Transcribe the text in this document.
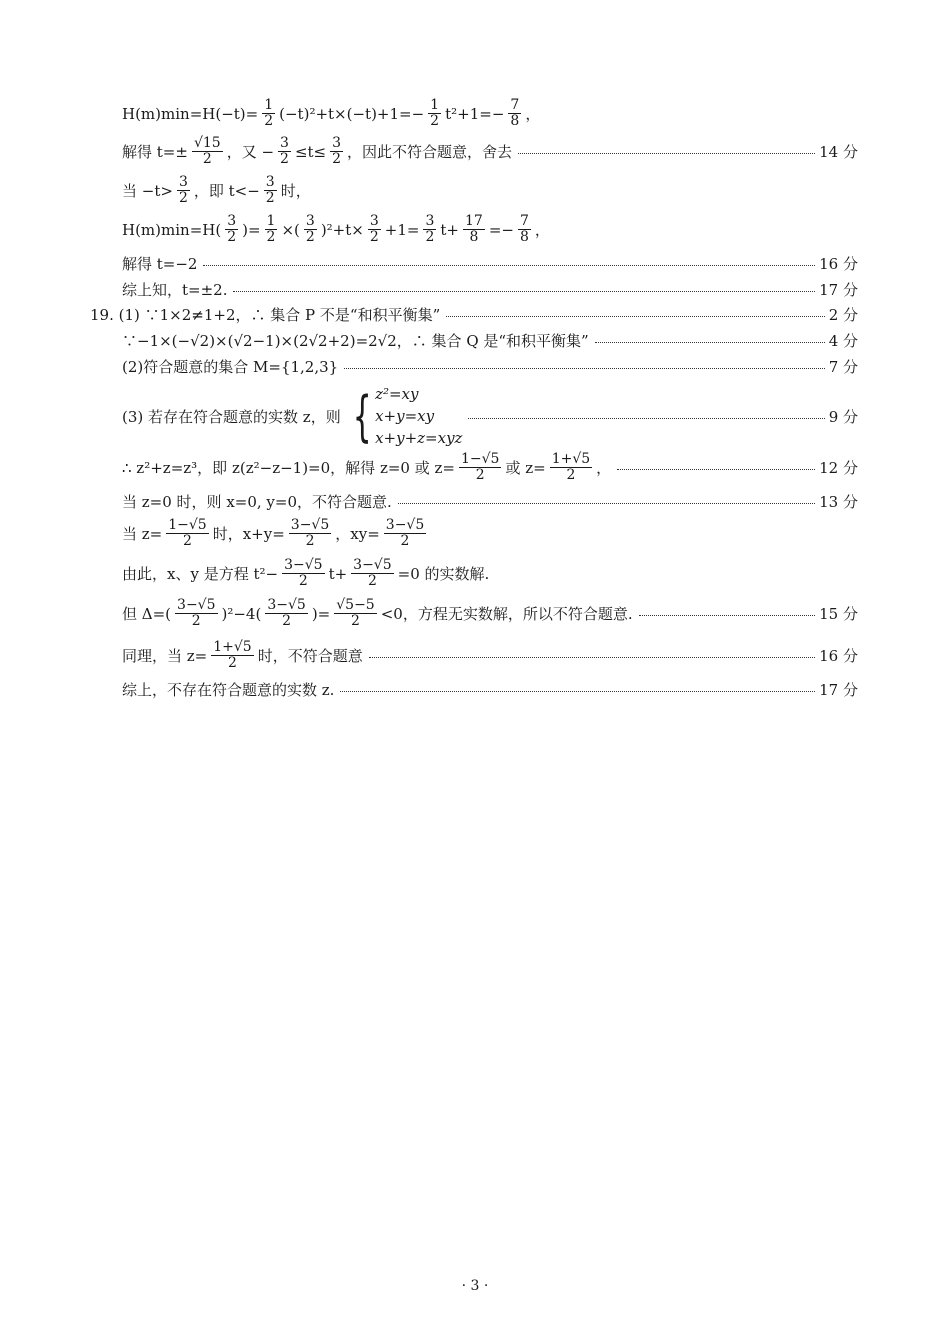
$H(m)\min=H(-t)= \frac{1}{2} (-t)^2+t\times(-t)+1=- \frac{1}{2} t^2+1=- \frac{7}{8}$ ，
解得 $t=\pm \frac{√15}{2}$ ，又 − $\frac{3}{2} \le t\le \frac{3}{2}$ ，因此不符合题意，舍去	14 分
当 $-t> \frac{3}{2}$ ，即 $t<- \frac{3}{2}$ 时，
$H(m)\min=H( \frac{3}{2}$ )= $\frac{1}{2}$ ×( $\frac{3}{2} )^2+t\times \frac{3}{2} +1= \frac{3}{2} t+ \frac{17}{8} =- \frac{7}{8}$ ，
解得 t=−2	16 分
综上知，t=±2.	17 分
19. (1) ∵1×2≠1+2，∴ 集合 P 不是“和积平衡集”	2 分
∵−1×(−√2)×(√2−1)×(2√2+2)=2√2，∴ 集合 Q 是“和积平衡集”	4 分
(2)符合题意的集合 M={1,2,3}	7 分
(3) 若存在符合题意的实数 z，则 { z²=xy
x+y=xy
x+y+z=xyz
9 分
∴ z²+z=z³，即 z(z²−z−1)=0，解得 z=0 或 $z= \frac{1-√5}{2}$ 或 $z= \frac{1+√5}{2}$ ，	12 分
当 z=0 时，则 x=0, y=0，不符合题意.	13 分
当 $z= \frac{1-√5}{2}$ 时，$x+y= \frac{3-√5}{2}$ ，$xy= \frac{3-√5}{2}$
由此，x、y 是方程 $t^2- \frac{3-√5}{2} t+ \frac{3-√5}{2} =0$ 的实数解.
但 $\Delta=( \frac{3-√5}{2} )^2-4( \frac{3-√5}{2}$ )= $\frac{√5-5}{2} <0$，方程无实数解，所以不符合题意.	15 分
同理，当 $z= \frac{1+√5}{2}$ 时，不符合题意	16 分
综上，不存在符合题意的实数 z.	17 分
· 3 ·
